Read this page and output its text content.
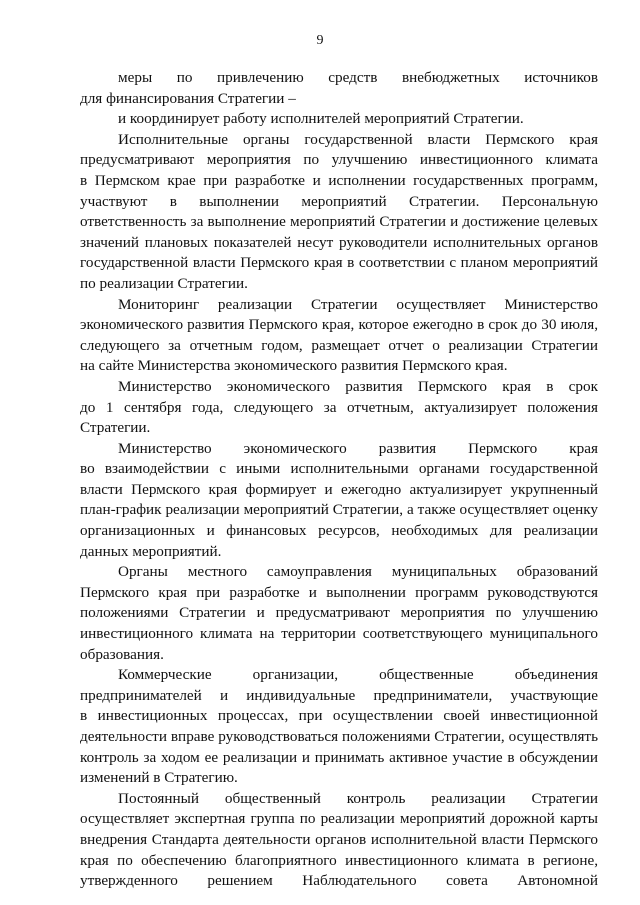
9
меры по привлечению средств внебюджетных источников
для финансирования Стратегии –
и координирует работу исполнителей мероприятий Стратегии.
Исполнительные органы государственной власти Пермского края
предусматривают мероприятия по улучшению инвестиционного климата
в Пермском крае при разработке и исполнении государственных программ,
участвуют в выполнении мероприятий Стратегии. Персональную
ответственность за выполнение мероприятий Стратегии и достижение целевых
значений плановых показателей несут руководители исполнительных органов
государственной власти Пермского края в соответствии с планом мероприятий
по реализации Стратегии.
Мониторинг реализации Стратегии осуществляет Министерство
экономического развития Пермского края, которое ежегодно в срок до 30 июля,
следующего за отчетным годом, размещает отчет о реализации Стратегии
на сайте Министерства экономического развития Пермского края.
Министерство экономического развития Пермского края в срок
до 1 сентября года, следующего за отчетным, актуализирует положения
Стратегии.
Министерство экономического развития Пермского края
во взаимодействии с иными исполнительными органами государственной
власти Пермского края формирует и ежегодно актуализирует укрупненный
план-график реализации мероприятий Стратегии, а также осуществляет оценку
организационных и финансовых ресурсов, необходимых для реализации
данных мероприятий.
Органы местного самоуправления муниципальных образований
Пермского края при разработке и выполнении программ руководствуются
положениями Стратегии и предусматривают мероприятия по улучшению
инвестиционного климата на территории соответствующего муниципального
образования.
Коммерческие организации, общественные объединения
предпринимателей и индивидуальные предприниматели, участвующие
в инвестиционных процессах, при осуществлении своей инвестиционной
деятельности вправе руководствоваться положениями Стратегии, осуществлять
контроль за ходом ее реализации и принимать активное участие в обсуждении
изменений в Стратегию.
Постоянный общественный контроль реализации Стратегии
осуществляет экспертная группа по реализации мероприятий дорожной карты
внедрения Стандарта деятельности органов исполнительной власти Пермского
края по обеспечению благоприятного инвестиционного климата в регионе,
утвержденного решением Наблюдательного совета Автономной
